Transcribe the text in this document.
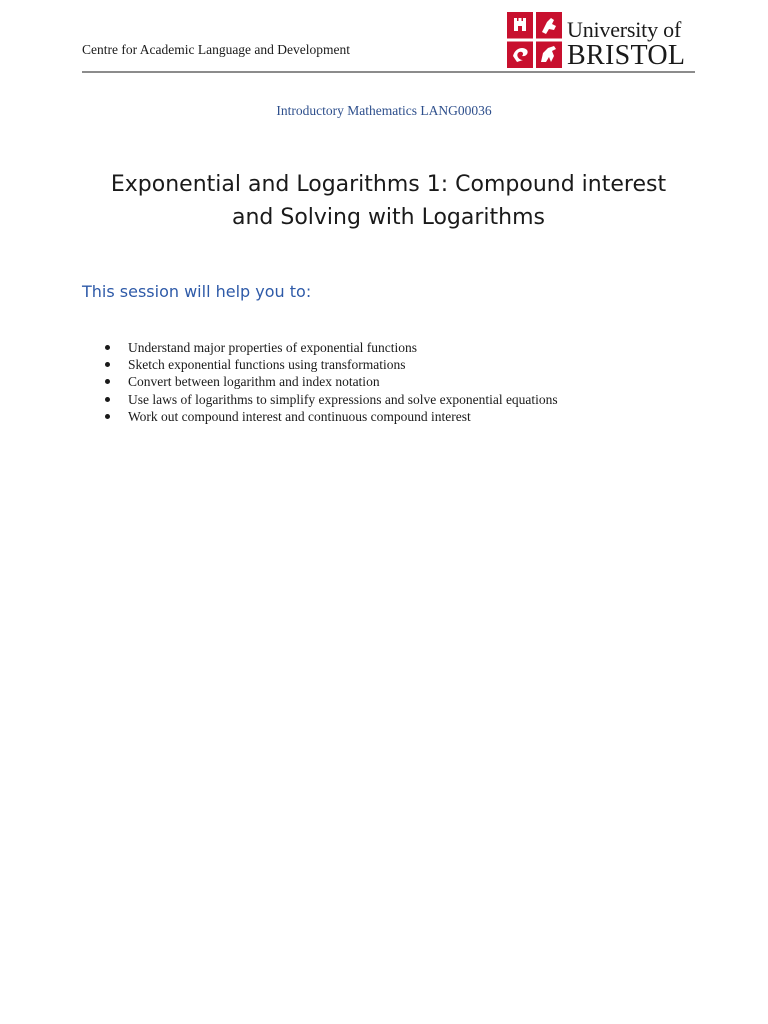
Centre for Academic Language and Development
University of
BRISTOL
Introductory Mathematics LANG00036
Exponential and Logarithms 1: Compound interest
and Solving with Logarithms
This session will help you to:
Understand major properties of exponential functions
Sketch exponential functions using transformations
Convert between logarithm and index notation
Use laws of logarithms to simplify expressions and solve exponential equations
Work out compound interest and continuous compound interest
